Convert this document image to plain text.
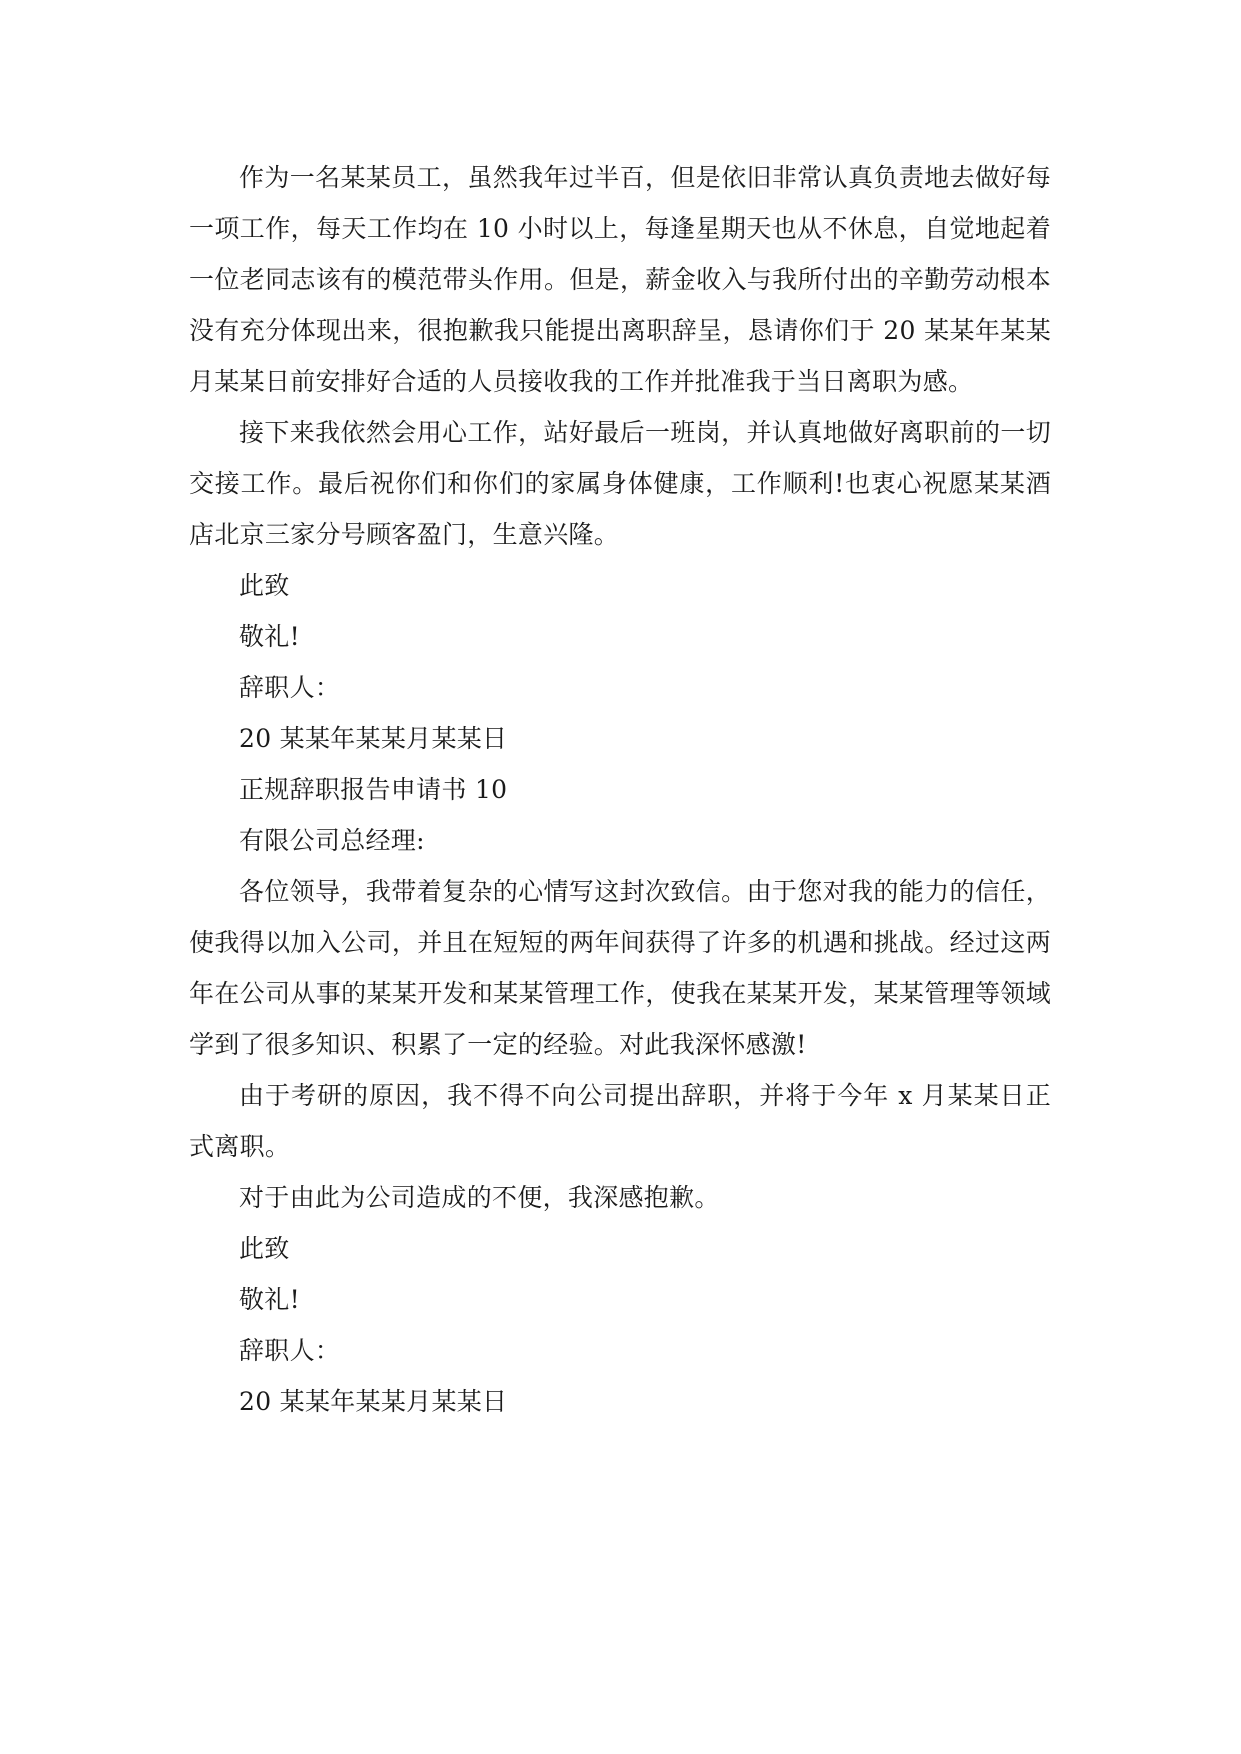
作为一名某某员工，虽然我年过半百，但是依旧非常认真负责地去做好每一项工作，每天工作均在 10 小时以上，每逢星期天也从不休息，自觉地起着一位老同志该有的模范带头作用。但是，薪金收入与我所付出的辛勤劳动根本没有充分体现出来，很抱歉我只能提出离职辞呈，恳请你们于 20 某某年某某月某某日前安排好合适的人员接收我的工作并批准我于当日离职为感。

接下来我依然会用心工作，站好最后一班岗，并认真地做好离职前的一切交接工作。最后祝你们和你们的家属身体健康，工作顺利!也衷心祝愿某某酒店北京三家分号顾客盈门，生意兴隆。

此致

敬礼!

辞职人：

20 某某年某某月某某日

正规辞职报告申请书 10

有限公司总经理:

各位领导，我带着复杂的心情写这封次致信。由于您对我的能力的信任，使我得以加入公司，并且在短短的两年间获得了许多的机遇和挑战。经过这两年在公司从事的某某开发和某某管理工作，使我在某某开发，某某管理等领域学到了很多知识、积累了一定的经验。对此我深怀感激!

由于考研的原因，我不得不向公司提出辞职，并将于今年 x 月某某日正式离职。

对于由此为公司造成的不便，我深感抱歉。

此致

敬礼!

辞职人：

20 某某年某某月某某日
